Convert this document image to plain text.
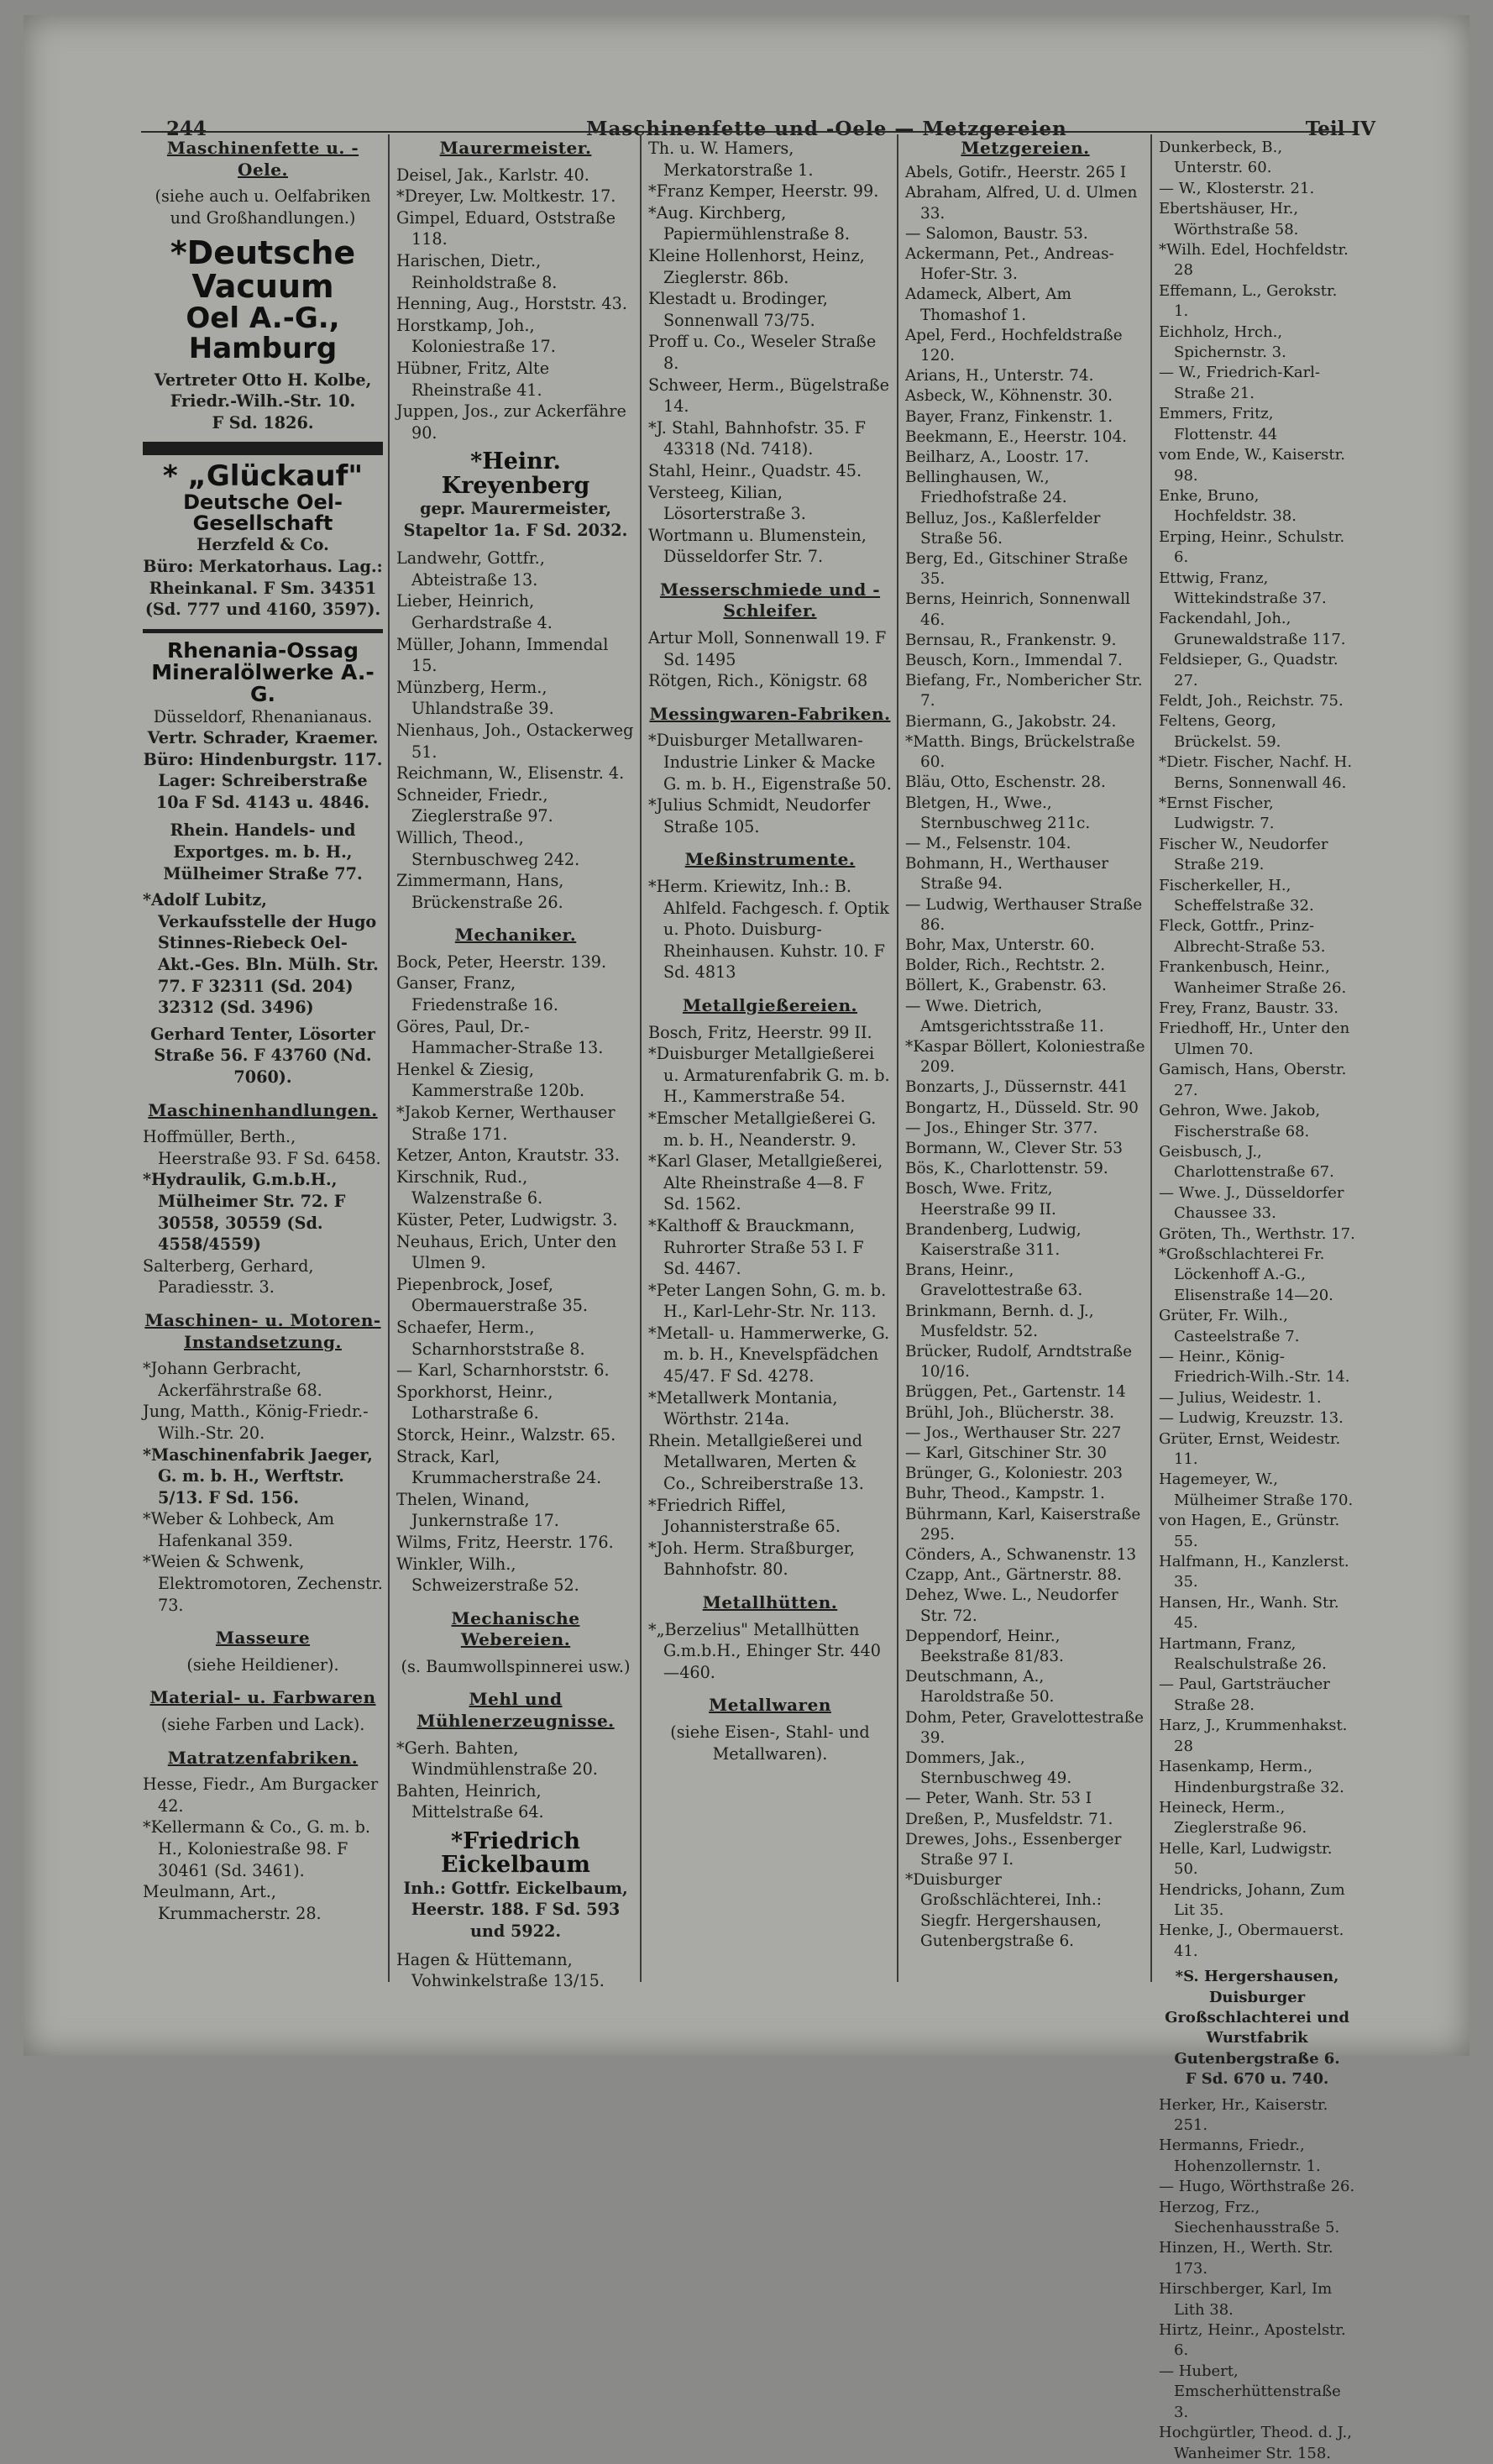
244	Maschinenfette und -Oele — Metzgereien	Teil IV

Maschinenfette u. -Oele.

(siehe auch u. Oelfabriken und Großhandlungen.)

*Deutsche Vacuum

Oel A.-G., Hamburg

Vertreter Otto H. Kolbe, Friedr.-Wilh.-Str. 10.

F Sd. 1826.

* „Glückauf"

Deutsche Oel-Gesellschaft

Herzfeld & Co.

Büro: Merkatorhaus. Lag.: Rheinkanal. F Sm. 34351 (Sd. 777 und 4160, 3597).

Rhenania-Ossag

Mineralölwerke A.-G.

Düsseldorf, Rhenanianaus.

Vertr. Schrader, Kraemer. Büro: Hindenburgstr. 117. Lager: Schreiberstraße 10a F Sd. 4143 u. 4846.

Rhein. Handels- und Exportges. m. b. H., Mülheimer Straße 77.

*Adolf Lubitz, Verkaufsstelle der Hugo Stinnes-Riebeck Oel-Akt.-Ges. Bln. Mülh. Str. 77. F 32311 (Sd. 204) 32312 (Sd. 3496)

Gerhard Tenter, Lösorter Straße 56. F 43760 (Nd. 7060).

Maschinenhandlungen.

Hoffmüller, Berth., Heerstraße 93. F Sd. 6458.

*Hydraulik, G.m.b.H., Mülheimer Str. 72. F 30558, 30559 (Sd. 4558/4559)

Salterberg, Gerhard, Paradiesstr. 3.

Maschinen- u. Motoren-Instandsetzung.

*Johann Gerbracht, Ackerfährstraße 68.

Jung, Matth., König-Friedr.-Wilh.-Str. 20.

*Maschinenfabrik Jaeger, G. m. b. H., Werftstr. 5/13. F Sd. 156.

*Weber & Lohbeck, Am Hafenkanal 359.

*Weien & Schwenk, Elektromotoren, Zechenstr. 73.

Masseure

(siehe Heildiener).

Material- u. Farbwaren

(siehe Farben und Lack).

Matratzenfabriken.

Hesse, Fiedr., Am Burgacker 42.

*Kellermann & Co., G. m. b. H., Koloniestraße 98. F 30461 (Sd. 3461).

Meulmann, Art., Krummacherstr. 28.

Maurermeister.

Deisel, Jak., Karlstr. 40.

*Dreyer, Lw. Moltkestr. 17.

Gimpel, Eduard, Oststraße 118.

Harischen, Dietr., Reinholdstraße 8.

Henning, Aug., Horststr. 43.

Horstkamp, Joh., Koloniestraße 17.

Hübner, Fritz, Alte Rheinstraße 41.

Juppen, Jos., zur Ackerfähre 90.

*Heinr. Kreyenberg

gepr. Maurermeister, Stapeltor 1a. F Sd. 2032.

Landwehr, Gottfr., Abteistraße 13.

Lieber, Heinrich, Gerhardstraße 4.

Müller, Johann, Immendal 15.

Münzberg, Herm., Uhlandstraße 39.

Nienhaus, Joh., Ostackerweg 51.

Reichmann, W., Elisenstr. 4.

Schneider, Friedr., Zieglerstraße 97.

Willich, Theod., Sternbuschweg 242.

Zimmermann, Hans, Brückenstraße 26.

Mechaniker.

Bock, Peter, Heerstr. 139.

Ganser, Franz, Friedenstraße 16.

Göres, Paul, Dr.-Hammacher-Straße 13.

Henkel & Ziesig, Kammerstraße 120b.

*Jakob Kerner, Werthauser Straße 171.

Ketzer, Anton, Krautstr. 33.

Kirschnik, Rud., Walzenstraße 6.

Küster, Peter, Ludwigstr. 3.

Neuhaus, Erich, Unter den Ulmen 9.

Piepenbrock, Josef, Obermauerstraße 35.

Schaefer, Herm., Scharnhorststraße 8.

— Karl, Scharnhorststr. 6.

Sporkhorst, Heinr., Lotharstraße 6.

Storck, Heinr., Walzstr. 65.

Strack, Karl, Krummacherstraße 24.

Thelen, Winand, Junkernstraße 17.

Wilms, Fritz, Heerstr. 176.

Winkler, Wilh., Schweizerstraße 52.

Mechanische Webereien.

(s. Baumwollspinnerei usw.)

Mehl und Mühlenerzeugnisse.

*Gerh. Bahten, Windmühlenstraße 20.

Bahten, Heinrich, Mittelstraße 64.

*Friedrich Eickelbaum

Inh.: Gottfr. Eickelbaum, Heerstr. 188. F Sd. 593 und 5922.

Hagen & Hüttemann, Vohwinkelstraße 13/15.

Th. u. W. Hamers, Merkatorstraße 1.

*Franz Kemper, Heerstr. 99.

*Aug. Kirchberg, Papiermühlenstraße 8.

Kleine Hollenhorst, Heinz, Zieglerstr. 86b.

Klestadt u. Brodinger, Sonnenwall 73/75.

Proff u. Co., Weseler Straße 8.

Schweer, Herm., Bügelstraße 14.

*J. Stahl, Bahnhofstr. 35. F 43318 (Nd. 7418).

Stahl, Heinr., Quadstr. 45.

Versteeg, Kilian, Lösorterstraße 3.

Wortmann u. Blumenstein, Düsseldorfer Str. 7.

Messerschmiede und -Schleifer.

Artur Moll, Sonnenwall 19. F Sd. 1495

Rötgen, Rich., Königstr. 68

Messingwaren-Fabriken.

*Duisburger Metallwaren-Industrie Linker & Macke G. m. b. H., Eigenstraße 50.

*Julius Schmidt, Neudorfer Straße 105.

Meßinstrumente.

*Herm. Kriewitz, Inh.: B. Ahlfeld. Fachgesch. f. Optik u. Photo. Duisburg-Rheinhausen. Kuhstr. 10. F Sd. 4813

Metallgießereien.

Bosch, Fritz, Heerstr. 99 II.

*Duisburger Metallgießerei u. Armaturenfabrik G. m. b. H., Kammerstraße 54.

*Emscher Metallgießerei G. m. b. H., Neanderstr. 9.

*Karl Glaser, Metallgießerei, Alte Rheinstraße 4—8. F Sd. 1562.

*Kalthoff & Brauckmann, Ruhrorter Straße 53 I. F Sd. 4467.

*Peter Langen Sohn, G. m. b. H., Karl-Lehr-Str. Nr. 113.

*Metall- u. Hammerwerke, G. m. b. H., Knevelspfädchen 45/47. F Sd. 4278.

*Metallwerk Montania, Wörthstr. 214a.

Rhein. Metallgießerei und Metallwaren, Merten & Co., Schreiberstraße 13.

*Friedrich Riffel, Johannisterstraße 65.

*Joh. Herm. Straßburger, Bahnhofstr. 80.

Metallhütten.

*„Berzelius" Metallhütten G.m.b.H., Ehinger Str. 440—460.

Metallwaren

(siehe Eisen-, Stahl- und Metallwaren).

Metzgereien.

Abels, Gotifr., Heerstr. 265 I

Abraham, Alfred, U. d. Ulmen 33.

— Salomon, Baustr. 53.

Ackermann, Pet., Andreas-Hofer-Str. 3.

Adameck, Albert, Am Thomashof 1.

Apel, Ferd., Hochfeldstraße 120.

Arians, H., Unterstr. 74.

Asbeck, W., Köhnenstr. 30.

Bayer, Franz, Finkenstr. 1.

Beekmann, E., Heerstr. 104.

Beilharz, A., Loostr. 17.

Bellinghausen, W., Friedhofstraße 24.

Belluz, Jos., Kaßlerfelder Straße 56.

Berg, Ed., Gitschiner Straße 35.

Berns, Heinrich, Sonnenwall 46.

Bernsau, R., Frankenstr. 9.

Beusch, Korn., Immendal 7.

Biefang, Fr., Nombericher Str. 7.

Biermann, G., Jakobstr. 24.

*Matth. Bings, Brückelstraße 60.

Bläu, Otto, Eschenstr. 28.

Bletgen, H., Wwe., Sternbuschweg 211c.

— M., Felsenstr. 104.

Bohmann, H., Werthauser Straße 94.

— Ludwig, Werthauser Straße 86.

Bohr, Max, Unterstr. 60.

Bolder, Rich., Rechtstr. 2.

Böllert, K., Grabenstr. 63.

— Wwe. Dietrich, Amtsgerichtsstraße 11.

*Kaspar Böllert, Koloniestraße 209.

Bonzarts, J., Düssernstr. 441

Bongartz, H., Düsseld. Str. 90

— Jos., Ehinger Str. 377.

Bormann, W., Clever Str. 53

Bös, K., Charlottenstr. 59.

Bosch, Wwe. Fritz, Heerstraße 99 II.

Brandenberg, Ludwig, Kaiserstraße 311.

Brans, Heinr., Gravelottestraße 63.

Brinkmann, Bernh. d. J., Musfeldstr. 52.

Brücker, Rudolf, Arndtstraße 10/16.

Brüggen, Pet., Gartenstr. 14

Brühl, Joh., Blücherstr. 38.

— Jos., Werthauser Str. 227

— Karl, Gitschiner Str. 30

Brünger, G., Koloniestr. 203

Buhr, Theod., Kampstr. 1.

Bührmann, Karl, Kaiserstraße 295.

Cönders, A., Schwanenstr. 13

Czapp, Ant., Gärtnerstr. 88.

Dehez, Wwe. L., Neudorfer Str. 72.

Deppendorf, Heinr., Beekstraße 81/83.

Deutschmann, A., Haroldstraße 50.

Dohm, Peter, Gravelottestraße 39.

Dommers, Jak., Sternbuschweg 49.

— Peter, Wanh. Str. 53 I

Dreßen, P., Musfeldstr. 71.

Drewes, Johs., Essenberger Straße 97 I.

*Duisburger Großschlächterei, Inh.: Siegfr. Hergershausen, Gutenbergstraße 6.

Dunkerbeck, B., Unterstr. 60.

— W., Klosterstr. 21.

Ebertshäuser, Hr., Wörthstraße 58.

*Wilh. Edel, Hochfeldstr. 28

Effemann, L., Gerokstr. 1.

Eichholz, Hrch., Spichernstr. 3.

— W., Friedrich-Karl-Straße 21.

Emmers, Fritz, Flottenstr. 44

vom Ende, W., Kaiserstr. 98.

Enke, Bruno, Hochfeldstr. 38.

Erping, Heinr., Schulstr. 6.

Ettwig, Franz, Wittekindstraße 37.

Fackendahl, Joh., Grunewaldstraße 117.

Feldsieper, G., Quadstr. 27.

Feldt, Joh., Reichstr. 75.

Feltens, Georg, Brückelst. 59.

*Dietr. Fischer, Nachf. H. Berns, Sonnenwall 46.

*Ernst Fischer, Ludwigstr. 7.

Fischer W., Neudorfer Straße 219.

Fischerkeller, H., Scheffelstraße 32.

Fleck, Gottfr., Prinz-Albrecht-Straße 53.

Frankenbusch, Heinr., Wanheimer Straße 26.

Frey, Franz, Baustr. 33.

Friedhoff, Hr., Unter den Ulmen 70.

Gamisch, Hans, Oberstr. 27.

Gehron, Wwe. Jakob, Fischerstraße 68.

Geisbusch, J., Charlottenstraße 67.

— Wwe. J., Düsseldorfer Chaussee 33.

Gröten, Th., Werthstr. 17.

*Großschlachterei Fr. Löckenhoff A.-G., Elisenstraße 14—20.

Grüter, Fr. Wilh., Casteelstraße 7.

— Heinr., König-Friedrich-Wilh.-Str. 14.

— Julius, Weidestr. 1.

— Ludwig, Kreuzstr. 13.

Grüter, Ernst, Weidestr. 11.

Hagemeyer, W., Mülheimer Straße 170.

von Hagen, E., Grünstr. 55.

Halfmann, H., Kanzlerst. 35.

Hansen, Hr., Wanh. Str. 45.

Hartmann, Franz, Realschulstraße 26.

— Paul, Gartsträucher Straße 28.

Harz, J., Krummenhakst. 28

Hasenkamp, Herm., Hindenburgstraße 32.

Heineck, Herm., Zieglerstraße 96.

Helle, Karl, Ludwigstr. 50.

Hendricks, Johann, Zum Lit 35.

Henke, J., Obermauerst. 41.

*S. Hergershausen,

Duisburger Großschlachterei und Wurstfabrik

Gutenbergstraße 6.

F Sd. 670 u. 740.

Herker, Hr., Kaiserstr. 251.

Hermanns, Friedr., Hohenzollernstr. 1.

— Hugo, Wörthstraße 26.

Herzog, Frz., Siechenhausstraße 5.

Hinzen, H., Werth. Str. 173.

Hirschberger, Karl, Im Lith 38.

Hirtz, Heinr., Apostelstr. 6.

— Hubert, Emscherhüttenstraße 3.

Hochgürtler, Theod. d. J., Wanheimer Str. 158.
